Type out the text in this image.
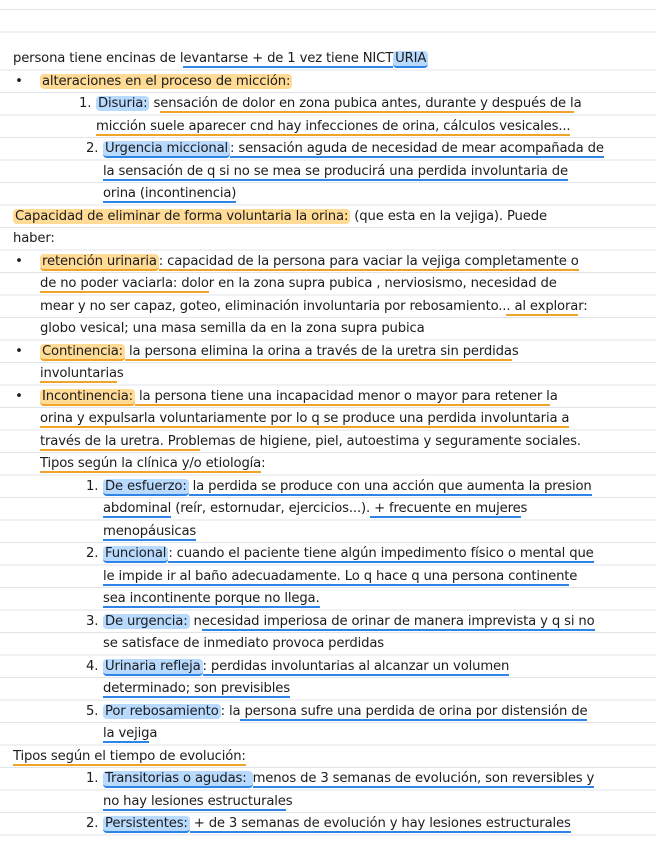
persona tiene encinas de levantarse + de 1 vez tiene NICT URIA
• alteraciones en el proceso de micción:
1. Disuria: sensación de dolor en zona pubica antes, durante y después de la
micción suele aparecer cnd hay infecciones de orina, cálculos vesicales...
2. Urgencia miccional : sensación aguda de necesidad de mear acompañada de
la sensación de q si no se mea se producirá una perdida involuntaria de
orina (incontinencia)
Capacidad de eliminar de forma voluntaria la orina: (que esta en la vejiga). Puede
haber:
• retención urinaria : capacidad de la persona para vaciar la vejiga completamente o
de no poder vaciarla: dolor en la zona supra pubica , nerviosismo, necesidad de
mear y no ser capaz, goteo, eliminación involuntaria por rebosamiento... al explorar:
globo vesical; una masa semilla da en la zona supra pubica
• Continencia: la persona elimina la orina a través de la uretra sin perdidas
involuntarias
• Incontinencia: la persona tiene una incapacidad menor o mayor para retener la
orina y expulsarla voluntariamente por lo q se produce una perdida involuntaria a
través de la uretra. Problemas de higiene, piel, autoestima y seguramente sociales.
Tipos según la clínica y/o etiología:
1. De esfuerzo: la perdida se produce con una acción que aumenta la presion
abdominal (reír, estornudar, ejercicios...). + frecuente en mujeres
menopáusicas
2. Funcional : cuando el paciente tiene algún impedimento físico o mental que
le impide ir al baño adecuadamente. Lo q hace q una persona continente
sea incontinente porque no llega.
3. De urgencia: necesidad imperiosa de orinar de manera imprevista y q si no
se satisface de inmediato provoca perdidas
4. Urinaria refleja : perdidas involuntarias al alcanzar un volumen
determinado; son previsibles
5. Por rebosamiento : la persona sufre una perdida de orina por distensión de
la vejiga
Tipos según el tiempo de evolución:
1. Transitorias o agudas: menos de 3 semanas de evolución, son reversibles y
no hay lesiones estructurales
2. Persistentes: + de 3 semanas de evolución y hay lesiones estructurales
